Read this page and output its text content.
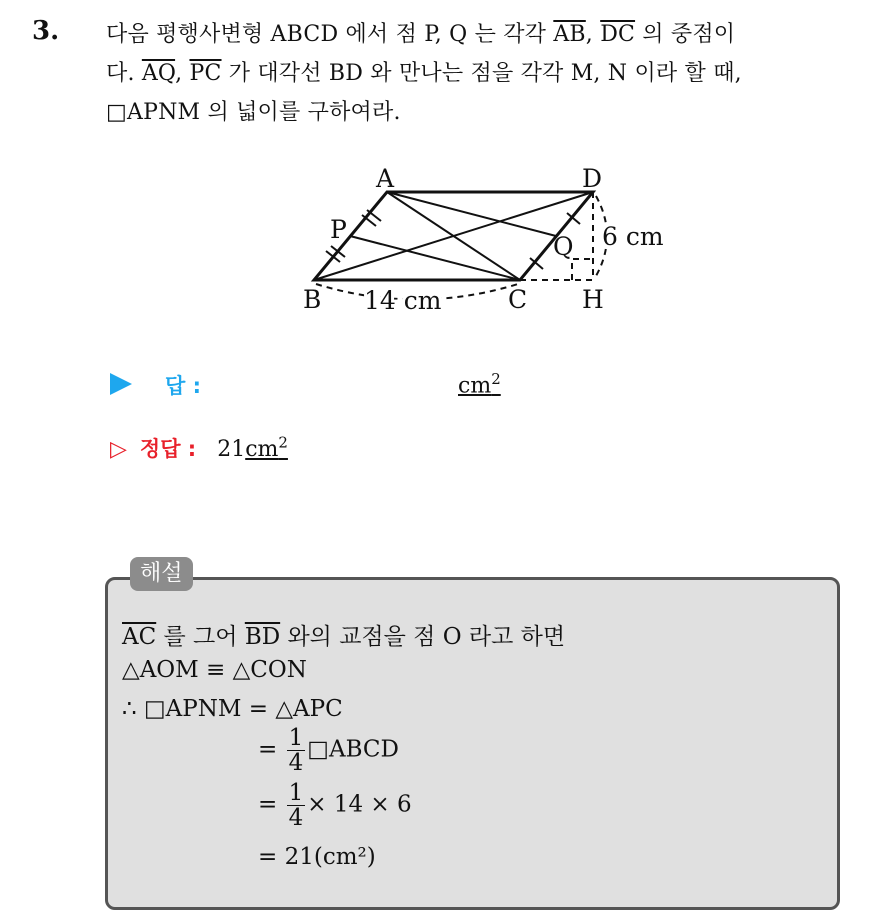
3. 다음 평행사변형 ABCD 에서 점 P, Q 는 각각 $\overline{AB}$, $\overline{DC}$ 의 중점이
다. $\overline{AQ}$, $\overline{PC}$ 가 대각선 BD 와 만나는 점을 각각 M, N 이라 할 때,
□APNM 의 넓이를 구하여라.
A	D
P
Q
B	C H
14 cm
6 cm
답 :	$cm^2$
▷ 정답 : $21cm^2$
해설
$\overline{AC}$ 를 그어 $\overline{BD}$ 와의 교점을 점 O 라고 하면
△AOM ≡ △CON
∴ □APNM = △APC
= $\frac{1}{4}$ □ABCD
= $\frac{1}{4} \times 14 \times 6$
= 21(cm²)
